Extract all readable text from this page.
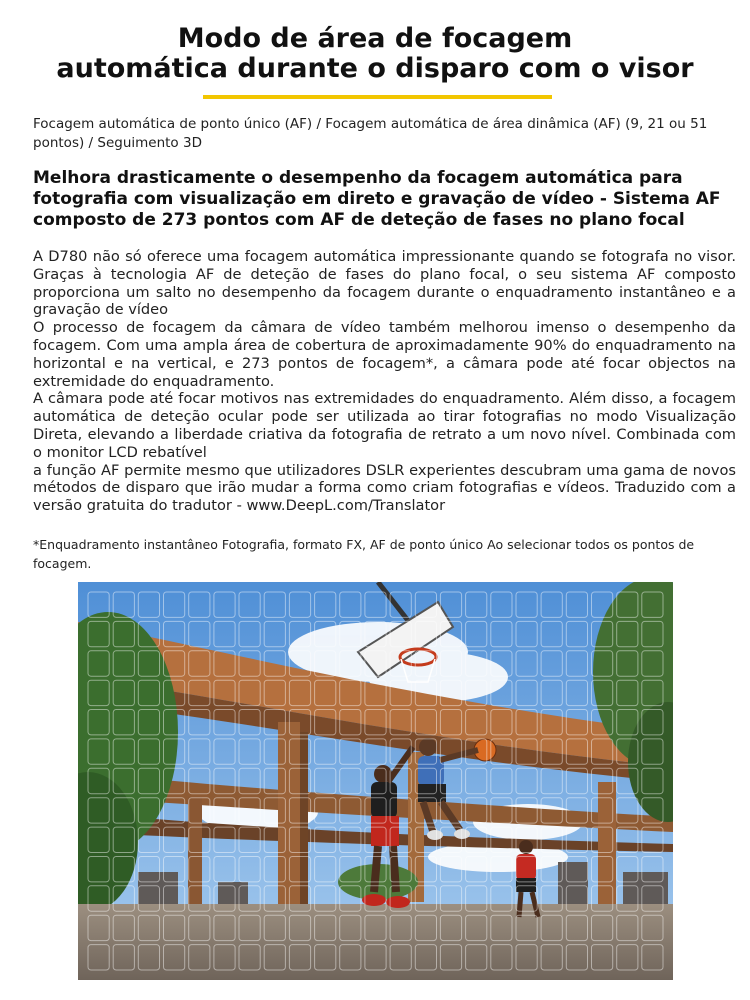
Modo de área de focagem
automática durante o disparo com o visor
Focagem automática de ponto único (AF) / Focagem automática de área dinâmica (AF) (9, 21 ou 51 pontos) / Seguimento 3D
Melhora drasticamente o desempenho da focagem automática para fotografia com visualização em direto e gravação de vídeo - Sistema AF composto de 273 pontos com AF de deteção de fases no plano focal

A D780 não só oferece uma focagem automática impressionante quando se fotografa no visor. Graças à tecnologia AF de deteção de fases do plano focal, o seu sistema AF composto proporciona um salto no desempenho da focagem durante o enquadramento instantâneo e a gravação de vídeo

O processo de focagem da câmara de vídeo também melhorou imenso o desempenho da focagem. Com uma ampla área de cobertura de aproximadamente 90% do enquadramento na horizontal e na vertical, e 273 pontos de focagem*, a câmara pode até focar objectos na extremidade do enquadramento.

A câmara pode até focar motivos nas extremidades do enquadramento. Além disso, a focagem automática de deteção ocular pode ser utilizada ao tirar fotografias no modo Visualização Direta, elevando a liberdade criativa da fotografia de retrato a um novo nível. Combinada com o monitor LCD rebatível

a função AF permite mesmo que utilizadores DSLR experientes descubram uma gama de novos métodos de disparo que irão mudar a forma como criam fotografias e vídeos. Traduzido com a versão gratuita do tradutor - www.DeepL.com/Translator

*Enquadramento instantâneo Fotografia, formato FX, AF de ponto único Ao selecionar todos os pontos de focagem.
